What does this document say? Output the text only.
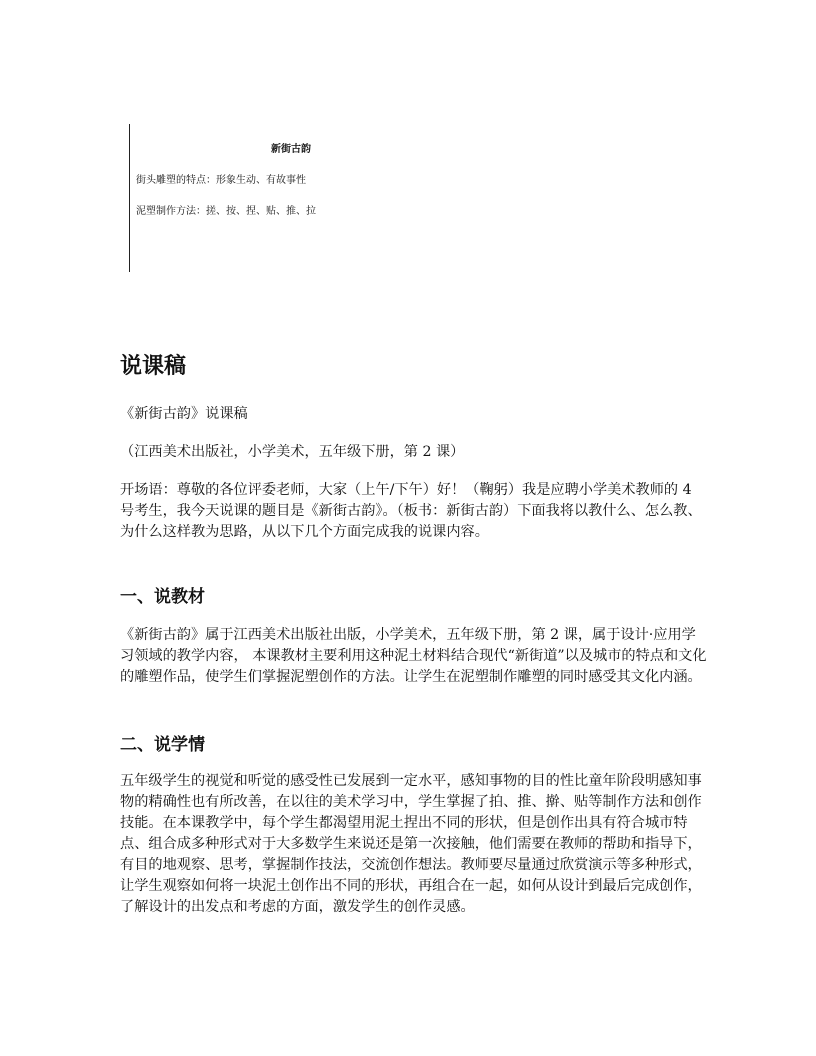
新街古韵
街头雕塑的特点：形象生动、有故事性
泥塑制作方法：搓、按、捏、贴、推、拉
说课稿

《新街古韵》说课稿

（江西美术出版社，小学美术，五年级下册，第 2 课）

开场语：尊敬的各位评委老师，大家（上午/下午）好！（鞠躬）我是应聘小学美术教师的 4 号考生，我今天说课的题目是《新街古韵》。（板书：新街古韵）下面我将以教什么、怎么教、为什么这样教为思路，从以下几个方面完成我的说课内容。

一、说教材

《新街古韵》属于江西美术出版社出版，小学美术，五年级下册，第 2 课，属于设计·应用学习领域的教学内容， 本课教材主要利用这种泥土材料结合现代“新街道”以及城市的特点和文化的雕塑作品，使学生们掌握泥塑创作的方法。让学生在泥塑制作雕塑的同时感受其文化内涵。

二、说学情

五年级学生的视觉和听觉的感受性已发展到一定水平，感知事物的目的性比童年阶段明感知事物的精确性也有所改善，在以往的美术学习中，学生掌握了拍、推、擀、贴等制作方法和创作技能。在本课教学中，每个学生都渴望用泥土捏出不同的形状，但是创作出具有符合城市特点、组合成多种形式对于大多数学生来说还是第一次接触，他们需要在教师的帮助和指导下，有目的地观察、思考，掌握制作技法，交流创作想法。教师要尽量通过欣赏演示等多种形式，让学生观察如何将一块泥土创作出不同的形状，再组合在一起，如何从设计到最后完成创作，了解设计的出发点和考虑的方面，激发学生的创作灵感。
